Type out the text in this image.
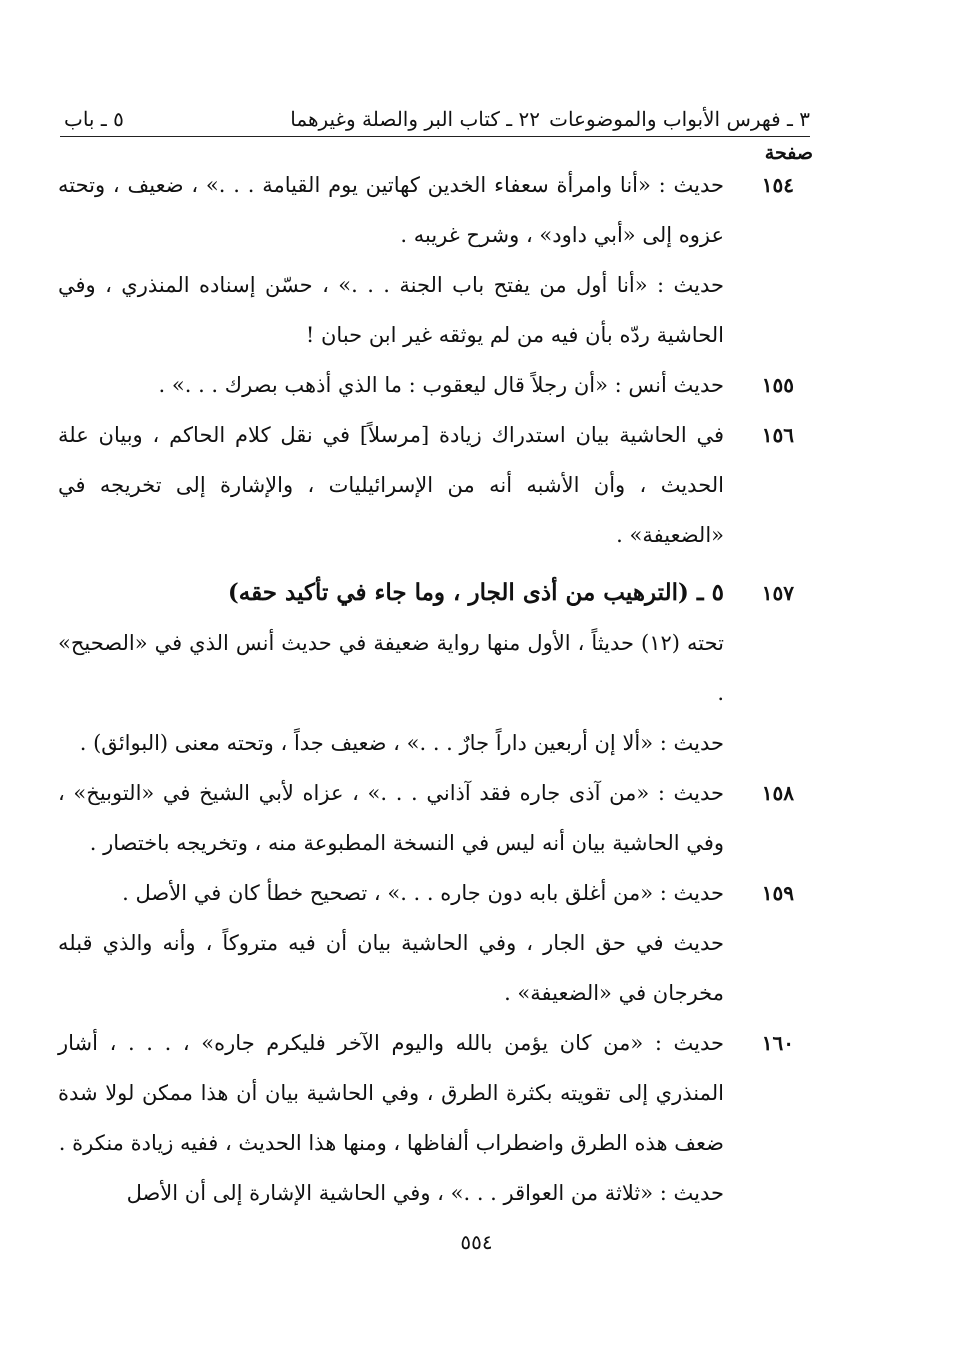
٣ ـ فهرس الأبواب والموضوعات
٢٢ ـ كتاب البر والصلة وغيرهما
٥ ـ باب
صفحة
١٥٤
حديث : «أنا وامرأة سعفاء الخدين كهاتين يوم القيامة . . .» ، ضعيف ، وتحته عزوه إلى «أبي داود» ، وشرح غريبه .
حديث : «أنا أول من يفتح باب الجنة . . .» ، حسّن إسناده المنذري ، وفي الحاشية ردّه بأن فيه من لم يوثقه غير ابن حبان !
١٥٥
حديث أنس : «أن رجلاً قال ليعقوب : ما الذي أذهب بصرك . . .» .
١٥٦
في الحاشية بيان استدراك زيادة [مرسلاً] في نقل كلام الحاكم ، وبيان علة الحديث ، وأن الأشبه أنه من الإسرائيليات ، والإشارة إلى تخريجه في «الضعيفة» .
١٥٧
٥ ـ (الترهيب من أذى الجار ، وما جاء في تأكيد حقه)
تحته (١٢) حديثاً ، الأول منها رواية ضعيفة في حديث أنس الذي في «الصحيح» .
حديث : «ألا إن أربعين داراً جارٌ . . .» ، ضعيف جداً ، وتحته معنى (البوائق) .
١٥٨
حديث : «من آذى جاره فقد آذاني . . .» ، عزاه لأبي الشيخ في «التوبيخ» ، وفي الحاشية بيان أنه ليس في النسخة المطبوعة منه ، وتخريجه باختصار .
١٥٩
حديث : «من أغلق بابه دون جاره . . .» ، تصحيح خطأ كان في الأصل .
حديث في حق الجار ، وفي الحاشية بيان أن فيه متروكاً ، وأنه والذي قبله مخرجان في «الضعيفة» .
١٦٠
حديث : «من كان يؤمن بالله واليوم الآخر فليكرم جاره» ، . . . ، أشار المنذري إلى تقويته بكثرة الطرق ، وفي الحاشية بيان أن هذا ممكن لولا شدة ضعف هذه الطرق واضطراب ألفاظها ، ومنها هذا الحديث ، ففيه زيادة منكرة .
حديث : «ثلاثة من العواقر . . .» ، وفي الحاشية الإشارة إلى أن الأصل
٥٥٤
